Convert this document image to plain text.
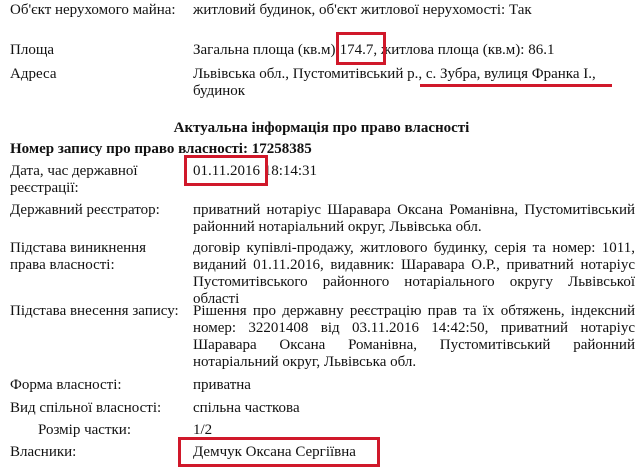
Об'єкт нерухомого майна:	житловий будинок, об'єкт житлової нерухомості: Так
Площа	Загальна площа (кв.м):174.7, житлова площа (кв.м): 86.1
Адреса	Львівська обл., Пустомитівський р., с. Зубра, вулиця Франка І.,
будинок
Актуальна інформація про право власності
Номер запису про право власності: 17258385
Дата, час державної реєстрації:
01.11.2016 18:14:31
Державний реєстратор:	приватний нотаріус Шаравара Оксана Романівна, Пустомитівський районний нотаріальний округ, Львівська обл.
Підстава виникнення права власності:
договір купівлі-продажу, житлового будинку, серія та номер: 1011, виданий 01.11.2016, видавник: Шаравара О.Р., приватний нотаріус Пустомитівського районного нотаріального округу Львівської області
Підстава внесення запису: Рішення про державну реєстрацію прав та їх обтяжень, індексний номер: 32201408 від 03.11.2016 14:42:50, приватний нотаріус Шаравара Оксана Романівна, Пустомитівський районний нотаріальний округ, Львівська обл.
Форма власності:	приватна
Вид спільної власності:	спільна часткова
Розмір частки:	1/2
Власники:	Демчук Оксана Сергіївна
